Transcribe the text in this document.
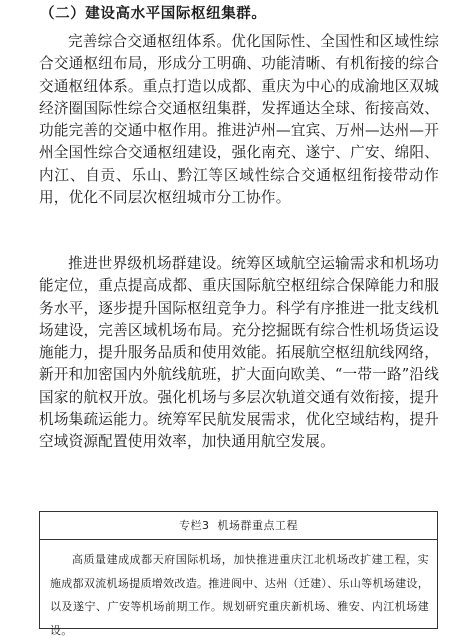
（二）建设高水平国际枢纽集群。

完善综合交通枢纽体系。优化国际性、全国性和区域性综合交通枢纽布局，形成分工明确、功能清晰、有机衔接的综合交通枢纽体系。重点打造以成都、重庆为中心的成渝地区双城经济圈国际性综合交通枢纽集群，发挥通达全球、衔接高效、功能完善的交通中枢作用。推进泸州—宜宾、万州—达州—开州全国性综合交通枢纽建设，强化南充、遂宁、广安、绵阳、内江、自贡、乐山、黔江等区域性综合交通枢纽衔接带动作用，优化不同层次枢纽城市分工协作。

推进世界级机场群建设。统筹区域航空运输需求和机场功能定位，重点提高成都、重庆国际航空枢纽综合保障能力和服务水平，逐步提升国际枢纽竞争力。科学有序推进一批支线机场建设，完善区域机场布局。充分挖掘既有综合性机场货运设施能力，提升服务品质和使用效能。拓展航空枢纽航线网络，新开和加密国内外航线航班，扩大面向欧美、“一带一路”沿线国家的航权开放。强化机场与多层次轨道交通有效衔接，提升机场集疏运能力。统筹军民航发展需求，优化空域结构，提升空域资源配置使用效率，加快通用航空发展。

专栏3 机场群重点工程

高质量建成成都天府国际机场，加快推进重庆江北机场改扩建工程，实施成都双流机场提质增效改造。推进阆中、达州（迁建）、乐山等机场建设，以及遂宁、广安等机场前期工作。规划研究重庆新机场、雅安、内江机场建设。
